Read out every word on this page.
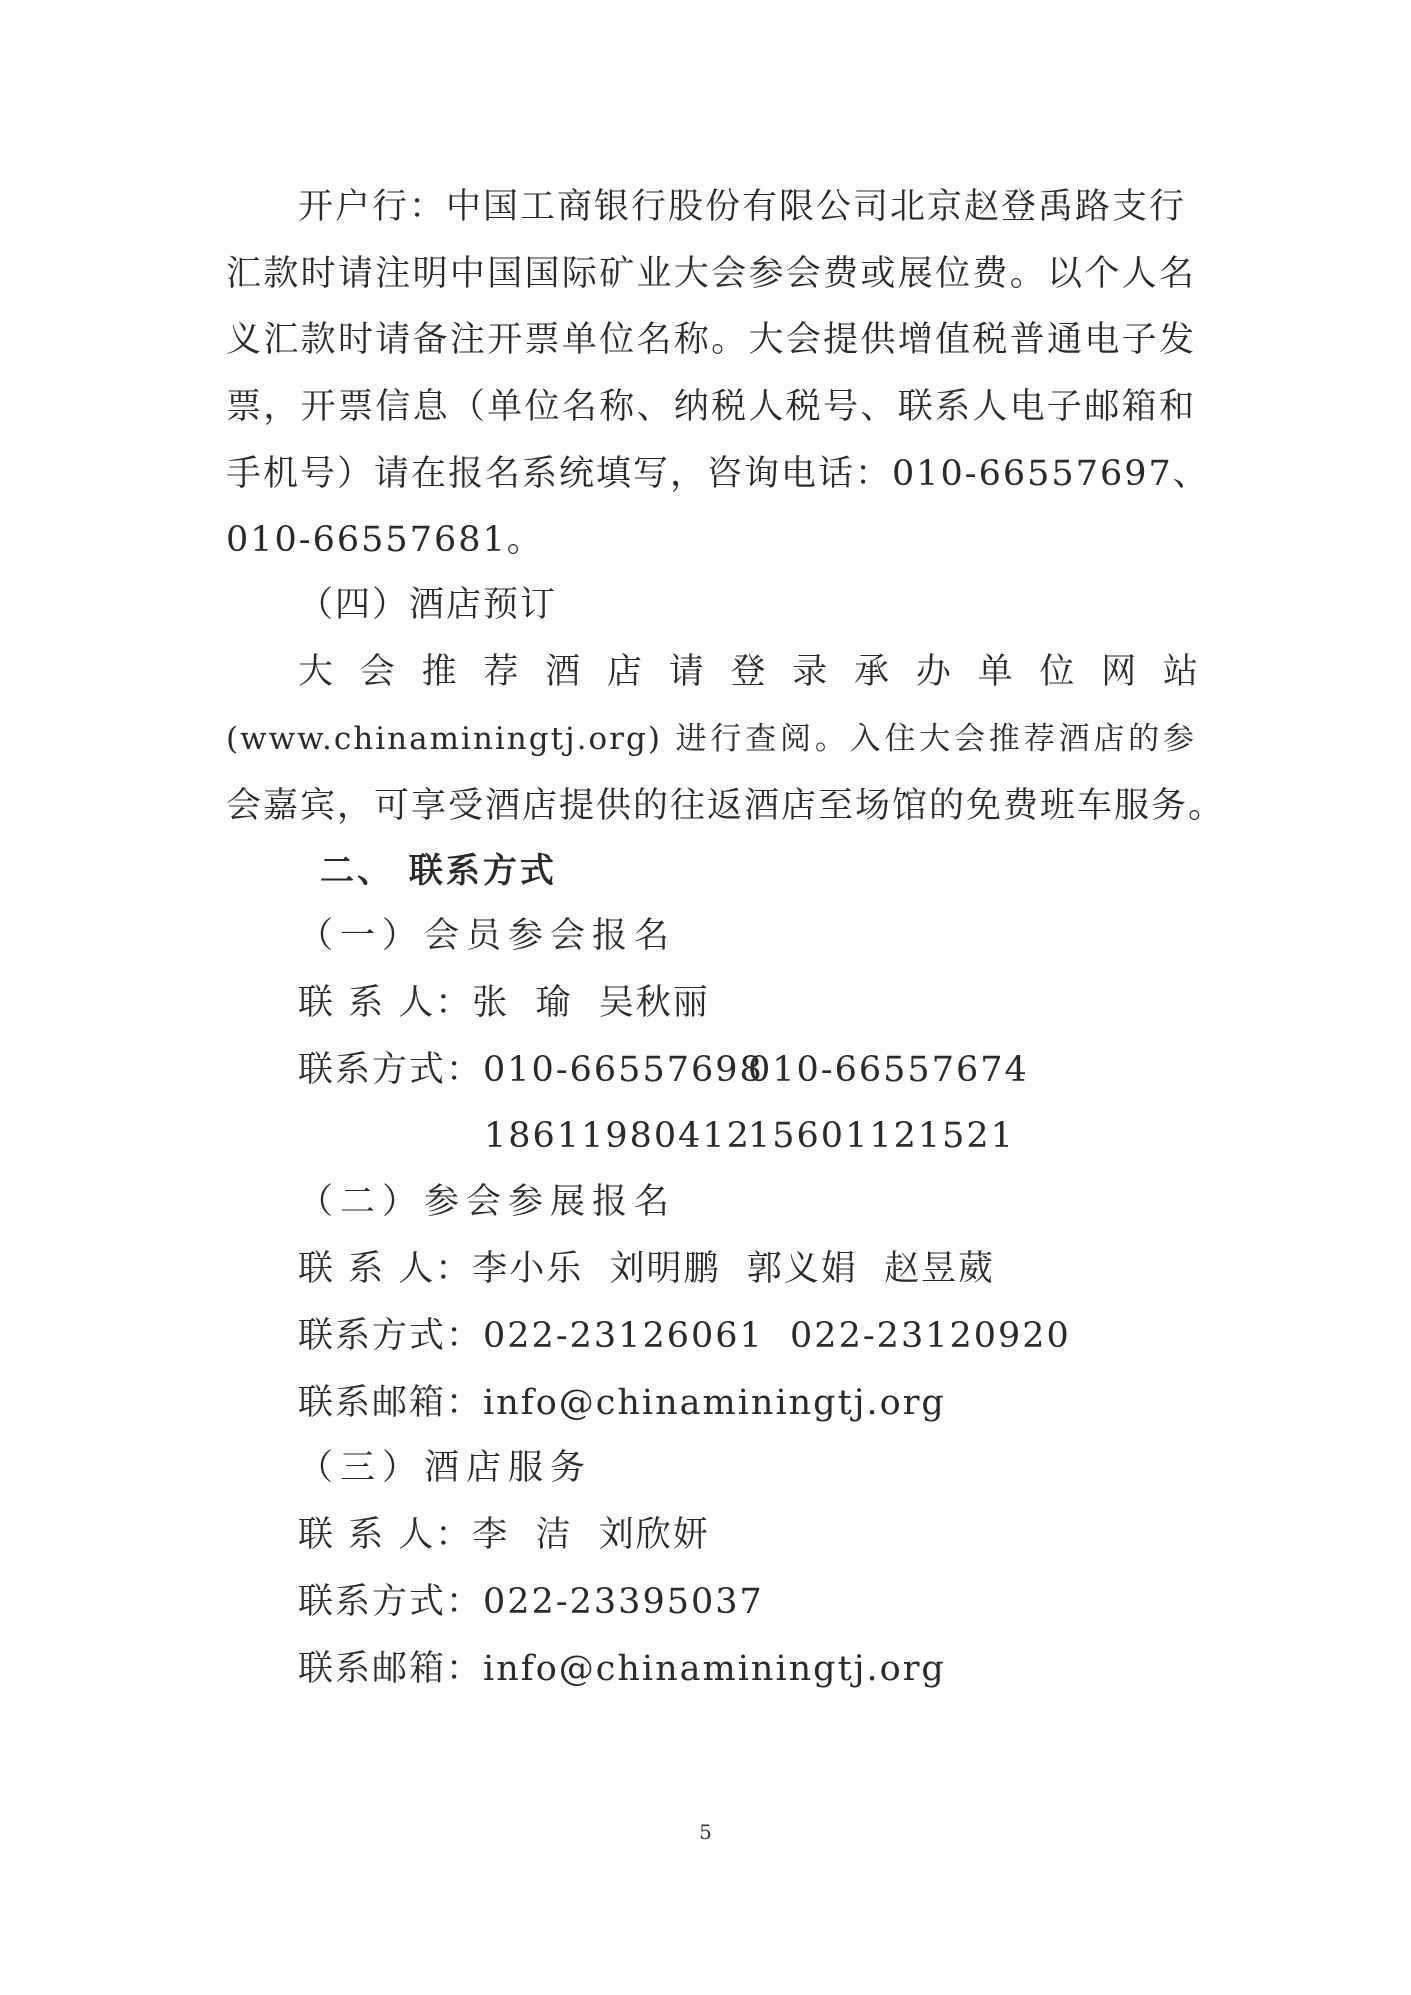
开户行：中国工商银行股份有限公司北京赵登禹路支行
汇款时请注明中国国际矿业大会参会费或展位费。以个人名
义汇款时请备注开票单位名称。大会提供增值税普通电子发
票，开票信息（单位名称、纳税人税号、联系人电子邮箱和
手机号）请在报名系统填写，咨询电话：010-66557697、
010-66557681。
（四）酒店预订
大会推荐酒店请登录承办单位网站
(www.chinaminingtj.org) 进行查阅。入住大会推荐酒店的参
会嘉宾，可享受酒店提供的往返酒店至场馆的免费班车服务。
二、 联系方式
（一）会员参会报名
联 系 人：张  瑜  吴秋丽
联系方式：010-66557698
010-66557674
18611980412
15601121521
（二）参会参展报名
联 系 人：李小乐  刘明鹏  郭义娟  赵昱葳
联系方式：022-23126061  022-23120920
联系邮箱：info@chinaminingtj.org
（三）酒店服务
联 系 人：李  洁  刘欣妍
联系方式：022-23395037
联系邮箱：info@chinaminingtj.org
5
